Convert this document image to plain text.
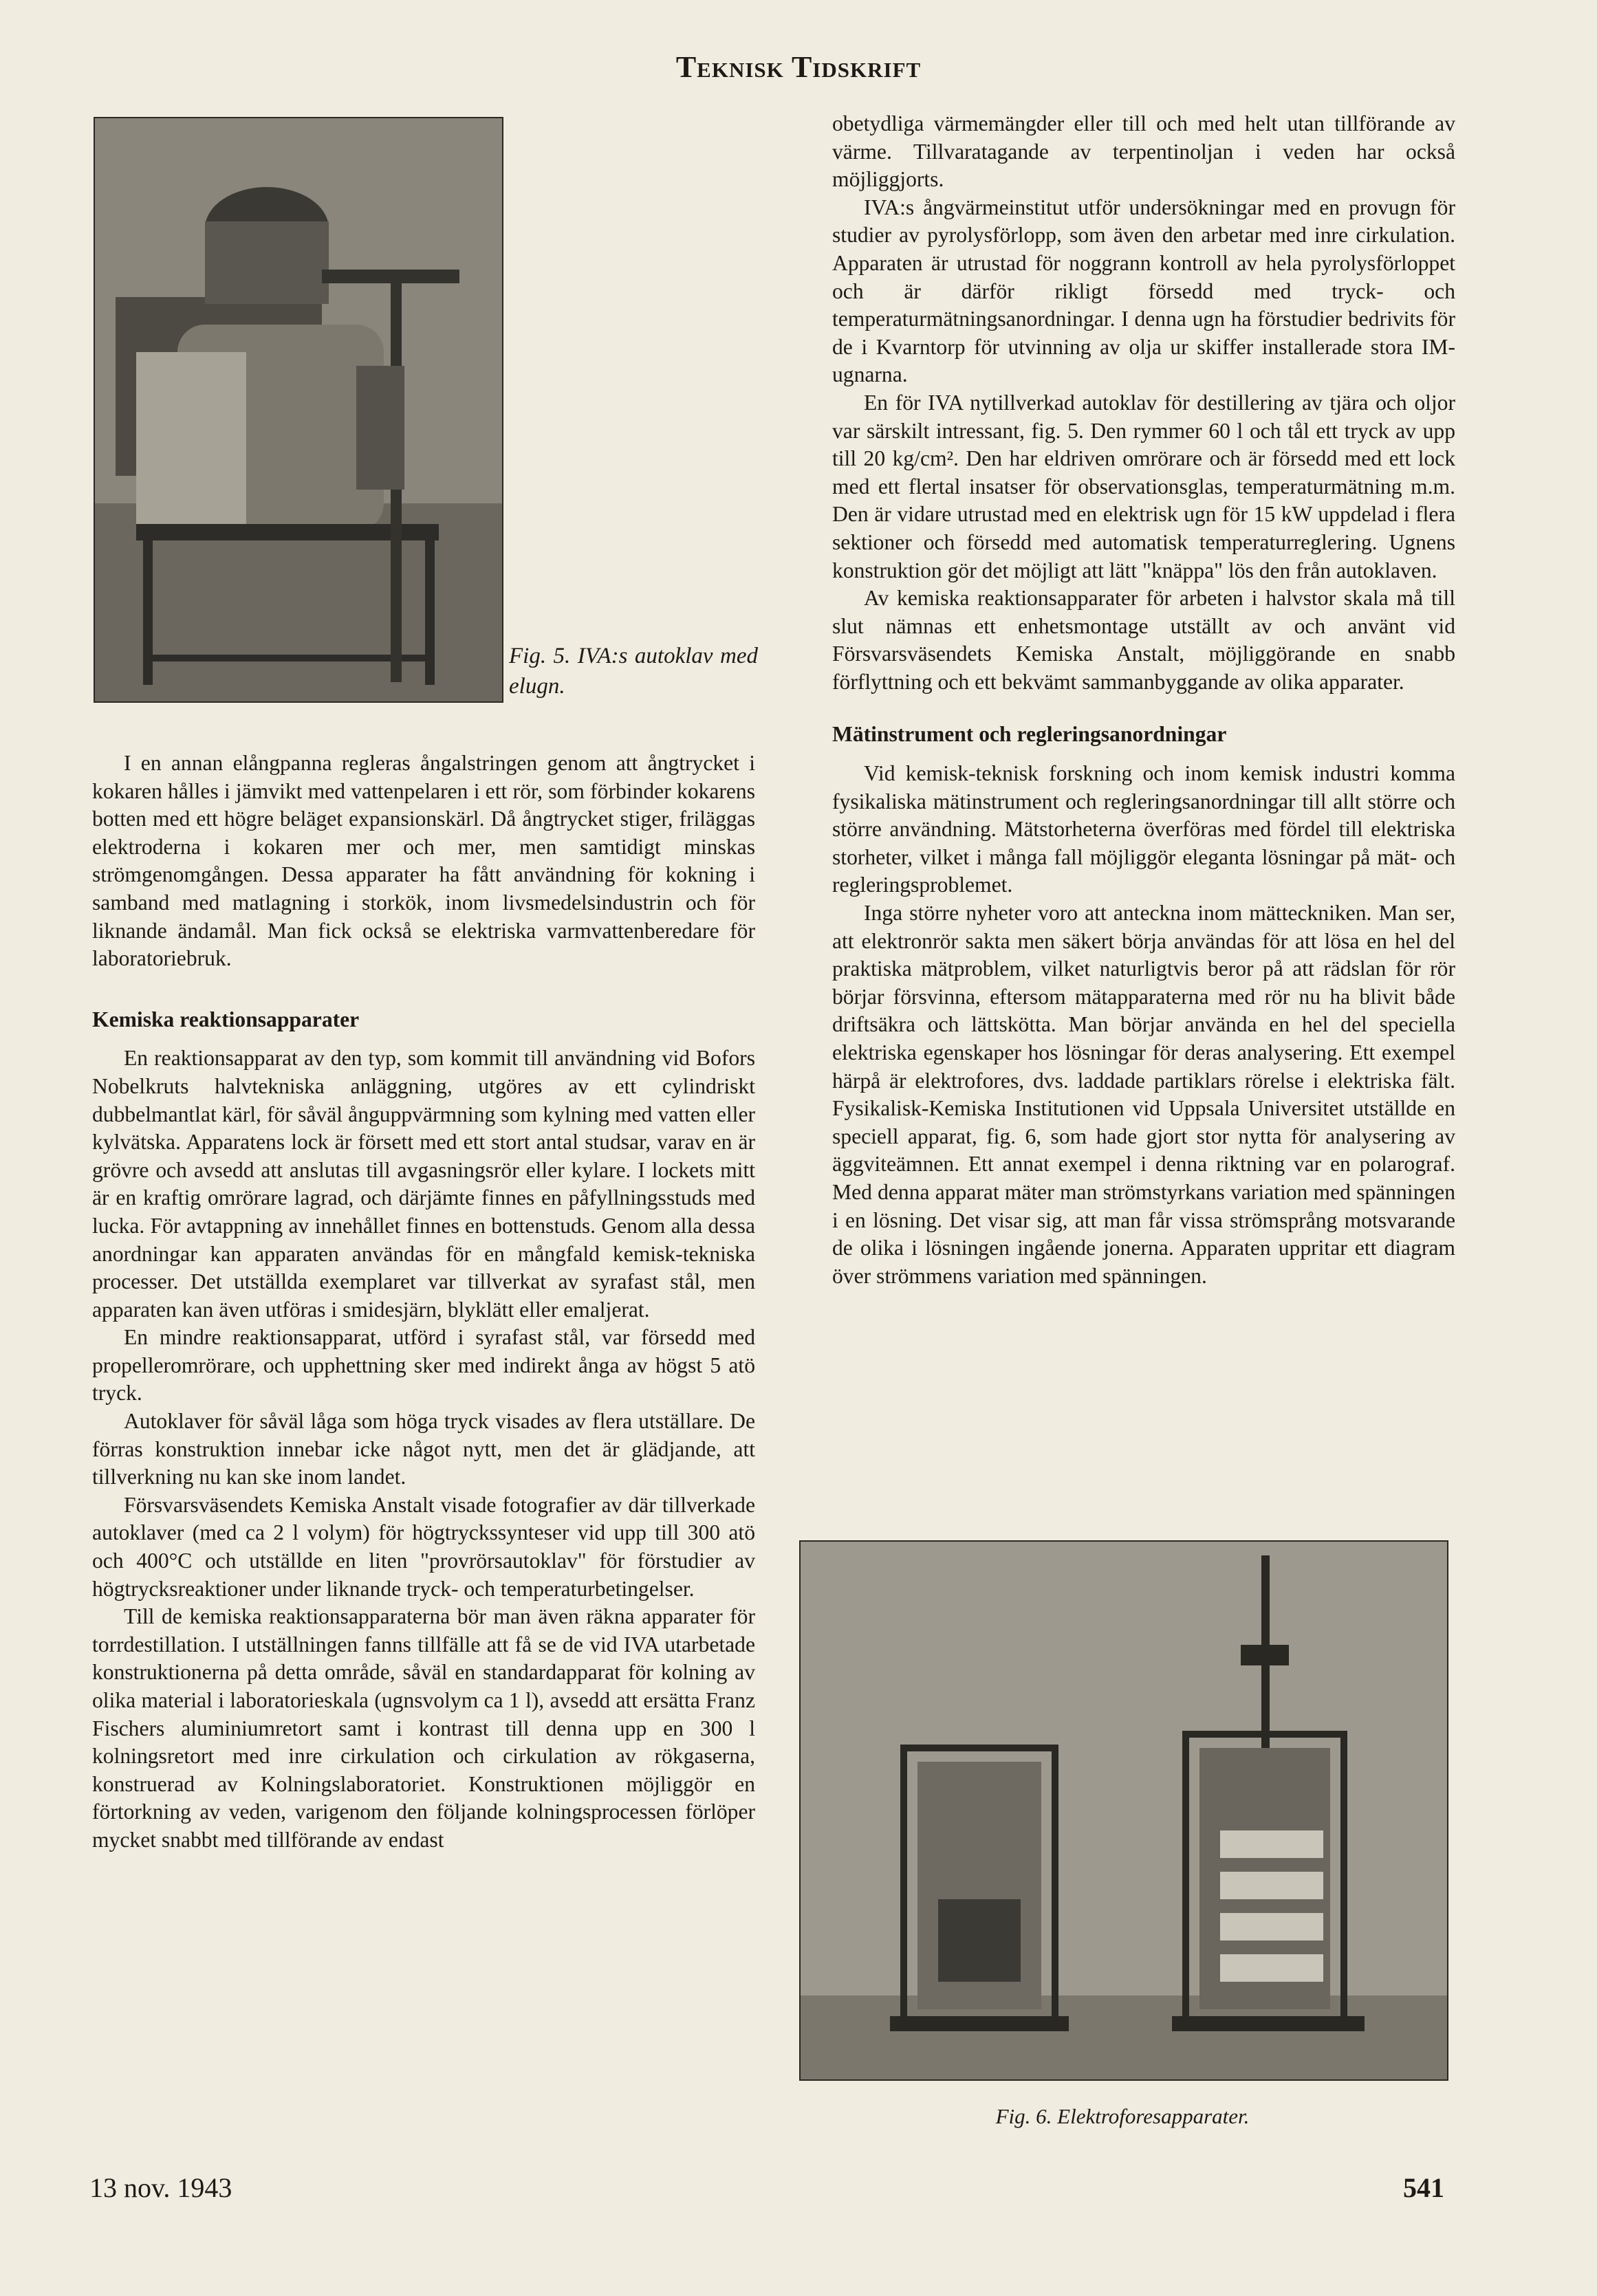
Teknisk Tidskrift
Fig. 5. IVA:s autoklav med elugn.

I en annan elångpanna regleras ångalstringen genom att ångtrycket i kokaren hålles i jämvikt med vattenpelaren i ett rör, som förbinder kokarens botten med ett högre beläget expansionskärl. Då ångtrycket stiger, friläggas elektroderna i kokaren mer och mer, men samtidigt minskas strömgenomgången. Dessa apparater ha fått användning för kokning i samband med matlagning i storkök, inom livsmedelsindustrin och för liknande ändamål. Man fick också se elektriska varmvattenberedare för laboratoriebruk.

Kemiska reaktionsapparater

En reaktionsapparat av den typ, som kommit till användning vid Bofors Nobelkruts halvtekniska anläggning, utgöres av ett cylindriskt dubbelmantlat kärl, för såväl ånguppvärmning som kylning med vatten eller kylvätska. Apparatens lock är försett med ett stort antal studsar, varav en är grövre och avsedd att anslutas till avgasningsrör eller kylare. I lockets mitt är en kraftig omrörare lagrad, och därjämte finnes en påfyllningsstuds med lucka. För avtappning av innehållet finnes en bottenstuds. Genom alla dessa anordningar kan apparaten användas för en mångfald kemisk-tekniska processer. Det utställda exemplaret var tillverkat av syrafast stål, men apparaten kan även utföras i smidesjärn, blyklätt eller emaljerat.

En mindre reaktionsapparat, utförd i syrafast stål, var försedd med propelleromrörare, och upphettning sker med indirekt ånga av högst 5 atö tryck.

Autoklaver för såväl låga som höga tryck visades av flera utställare. De förras konstruktion innebar icke något nytt, men det är glädjande, att tillverkning nu kan ske inom landet.

Försvarsväsendets Kemiska Anstalt visade fotografier av där tillverkade autoklaver (med ca 2 l volym) för högtryckssynteser vid upp till 300 atö och 400°C och utställde en liten "provrörsautoklav" för förstudier av högtrycksreaktioner under liknande tryck- och temperaturbetingelser.

Till de kemiska reaktionsapparaterna bör man även räkna apparater för torrdestillation. I utställningen fanns tillfälle att få se de vid IVA utarbetade konstruktionerna på detta område, såväl en standardapparat för kolning av olika material i laboratorieskala (ugnsvolym ca 1 l), avsedd att ersätta Franz Fischers aluminiumretort samt i kontrast till denna upp en 300 l kolningsretort med inre cirkulation och cirkulation av rökgaserna, konstruerad av Kolningslaboratoriet. Konstruktionen möjliggör en förtorkning av veden, varigenom den följande kolningsprocessen förlöper mycket snabbt med tillförande av endast

obetydliga värmemängder eller till och med helt utan tillförande av värme. Tillvaratagande av terpentinoljan i veden har också möjliggjorts.

IVA:s ångvärmeinstitut utför undersökningar med en provugn för studier av pyrolysförlopp, som även den arbetar med inre cirkulation. Apparaten är utrustad för noggrann kontroll av hela pyrolysförloppet och är därför rikligt försedd med tryck- och temperaturmätningsanordningar. I denna ugn ha förstudier bedrivits för de i Kvarntorp för utvinning av olja ur skiffer installerade stora IM-ugnarna.

En för IVA nytillverkad autoklav för destillering av tjära och oljor var särskilt intressant, fig. 5. Den rymmer 60 l och tål ett tryck av upp till 20 kg/cm². Den har eldriven omrörare och är försedd med ett lock med ett flertal insatser för observationsglas, temperaturmätning m.m. Den är vidare utrustad med en elektrisk ugn för 15 kW uppdelad i flera sektioner och försedd med automatisk temperaturreglering. Ugnens konstruktion gör det möjligt att lätt "knäppa" lös den från autoklaven.

Av kemiska reaktionsapparater för arbeten i halvstor skala må till slut nämnas ett enhetsmontage utställt av och använt vid Försvarsväsendets Kemiska Anstalt, möjliggörande en snabb förflyttning och ett bekvämt sammanbyggande av olika apparater.

Mätinstrument och regleringsanordningar

Vid kemisk-teknisk forskning och inom kemisk industri komma fysikaliska mätinstrument och regleringsanordningar till allt större och större användning. Mätstorheterna överföras med fördel till elektriska storheter, vilket i många fall möjliggör eleganta lösningar på mät- och regleringsproblemet.

Inga större nyheter voro att anteckna inom mätteckniken. Man ser, att elektronrör sakta men säkert börja användas för att lösa en hel del praktiska mätproblem, vilket naturligtvis beror på att rädslan för rör börjar försvinna, eftersom mätapparaterna med rör nu ha blivit både driftsäkra och lättskötta. Man börjar använda en hel del speciella elektriska egenskaper hos lösningar för deras analysering. Ett exempel härpå är elektrofores, dvs. laddade partiklars rörelse i elektriska fält. Fysikalisk-Kemiska Institutionen vid Uppsala Universitet utställde en speciell apparat, fig. 6, som hade gjort stor nytta för analysering av äggviteämnen. Ett annat exempel i denna riktning var en polarograf. Med denna apparat mäter man strömstyrkans variation med spänningen i en lösning. Det visar sig, att man får vissa strömsprång motsvarande de olika i lösningen ingående jonerna. Apparaten uppritar ett diagram över strömmens variation med spänningen.

Fig. 6. Elektroforesapparater.
13 nov. 1943	541
